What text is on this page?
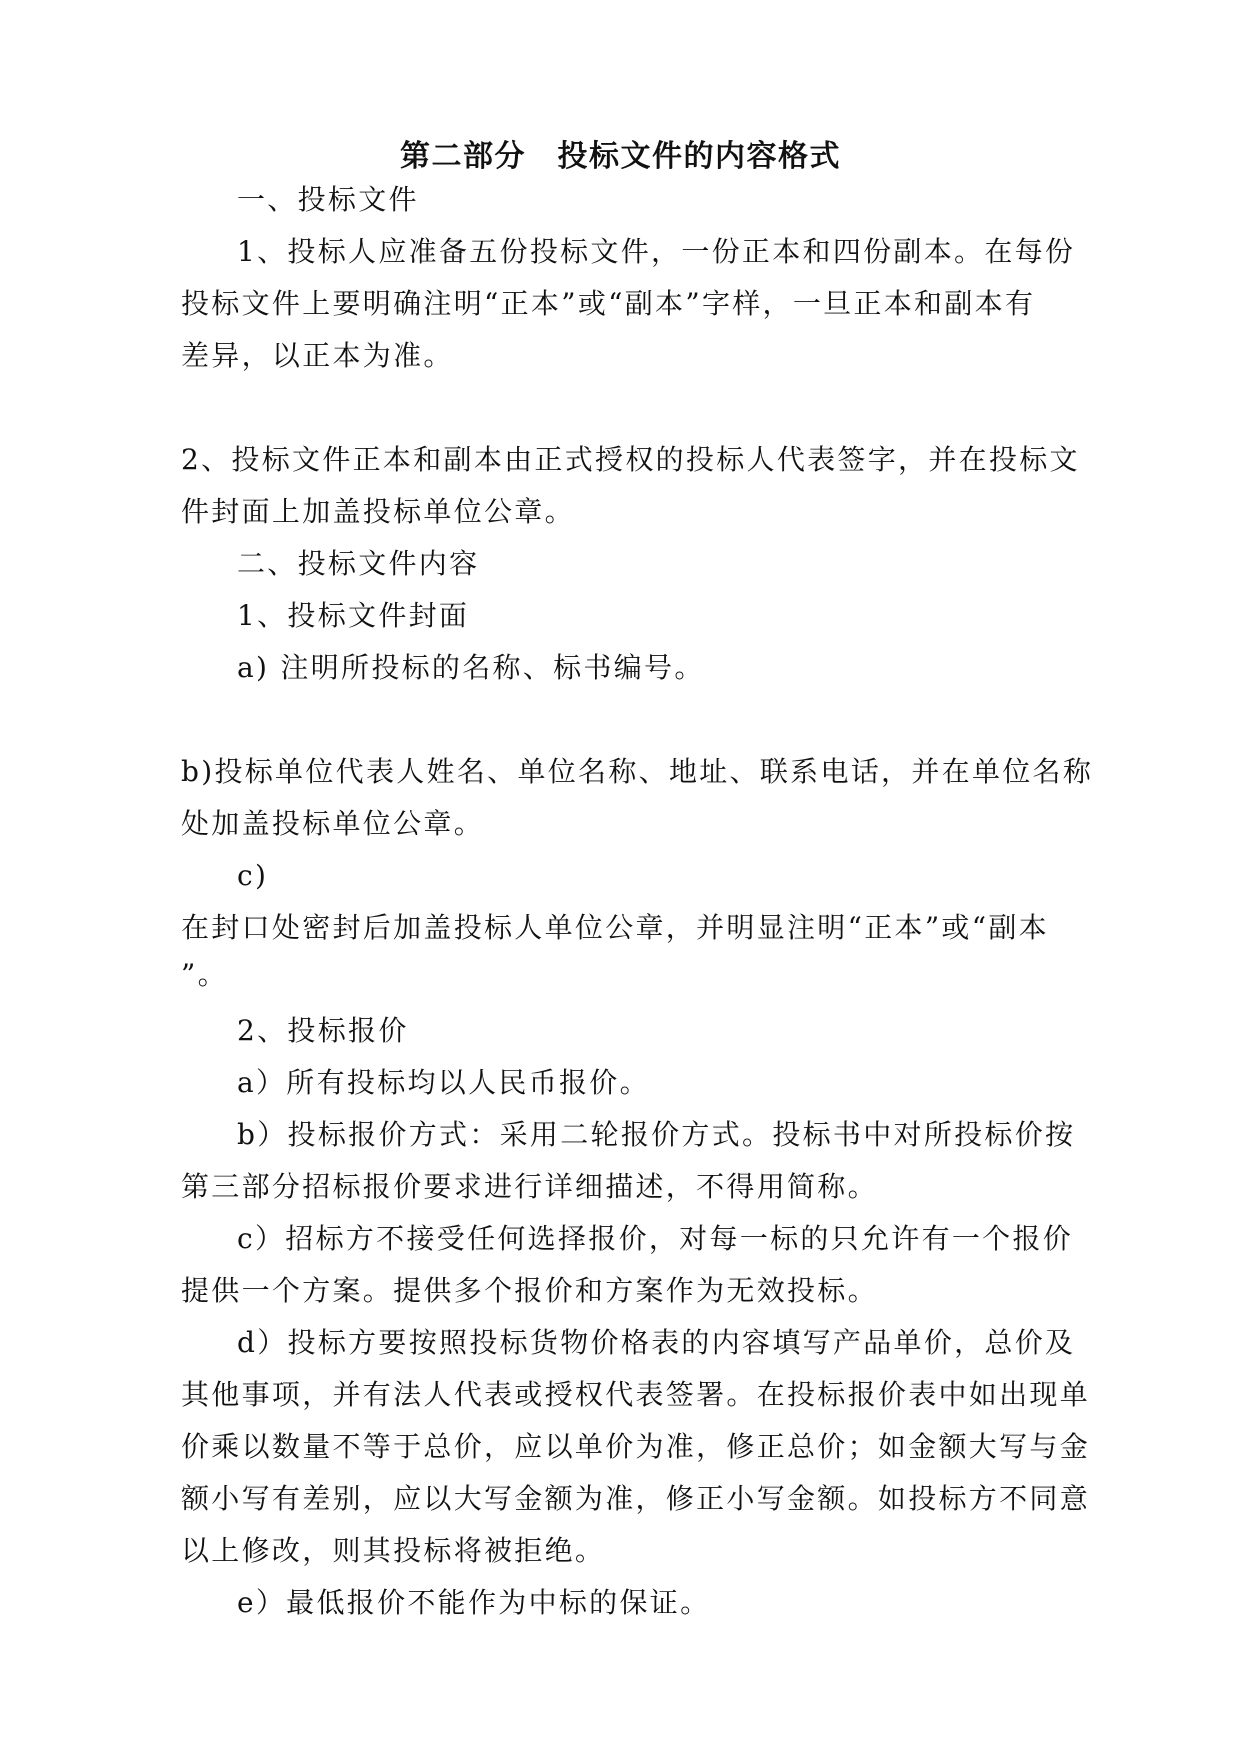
第二部分　投标文件的内容格式
一、投标文件
1、投标人应准备五份投标文件，一份正本和四份副本。在每份
投标文件上要明确注明“正本”或“副本”字样，一旦正本和副本有
差异，以正本为准。
2、投标文件正本和副本由正式授权的投标人代表签字，并在投标文
件封面上加盖投标单位公章。
二、投标文件内容
1、投标文件封面
a) 注明所投标的名称、标书编号。
b)投标单位代表人姓名、单位名称、地址、联系电话，并在单位名称
处加盖投标单位公章。
c)
在封口处密封后加盖投标人单位公章，并明显注明“正本”或“副本
”。
2、投标报价
a）所有投标均以人民币报价。
b）投标报价方式：采用二轮报价方式。投标书中对所投标价按
第三部分招标报价要求进行详细描述，不得用简称。
c）招标方不接受任何选择报价，对每一标的只允许有一个报价
提供一个方案。提供多个报价和方案作为无效投标。
d）投标方要按照投标货物价格表的内容填写产品单价，总价及
其他事项，并有法人代表或授权代表签署。在投标报价表中如出现单
价乘以数量不等于总价，应以单价为准，修正总价；如金额大写与金
额小写有差别，应以大写金额为准，修正小写金额。如投标方不同意
以上修改，则其投标将被拒绝。
e）最低报价不能作为中标的保证。
